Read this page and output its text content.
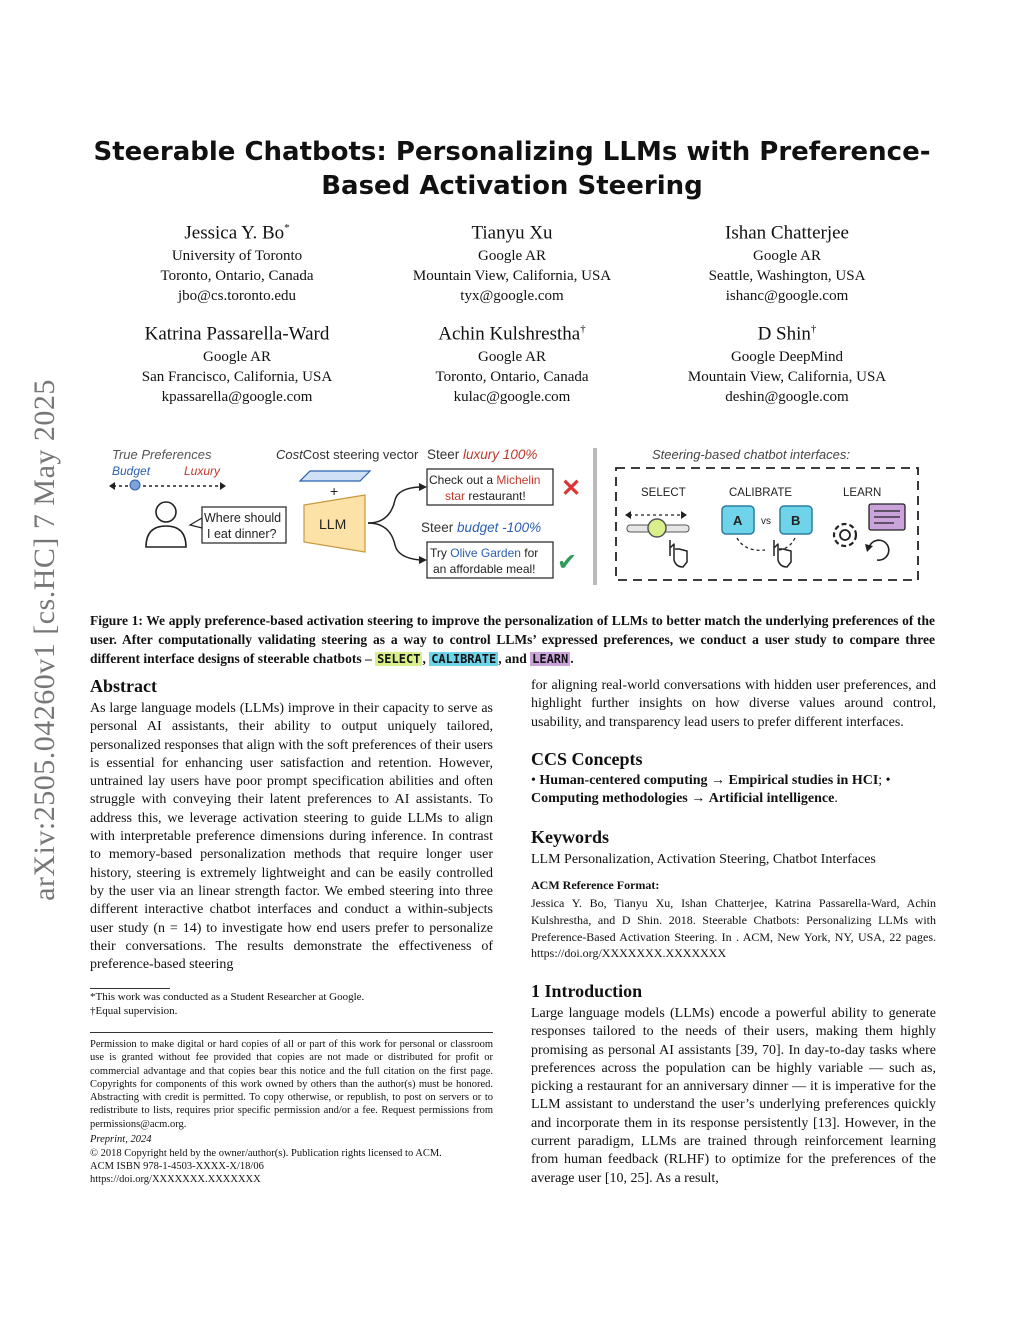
arXiv:2505.04260v1 [cs.HC] 7 May 2025
Steerable Chatbots: Personalizing LLMs with Preference-Based Activation Steering
Jessica Y. Bo*
University of Toronto
Toronto, Ontario, Canada
jbo@cs.toronto.edu
Tianyu Xu
Google AR
Mountain View, California, USA
tyx@google.com
Ishan Chatterjee
Google AR
Seattle, Washington, USA
ishanc@google.com
Katrina Passarella-Ward
Google AR
San Francisco, California, USA
kpassarella@google.com
Achin Kulshrestha†
Google AR
Toronto, Ontario, Canada
kulac@google.com
D Shin†
Google DeepMind
Mountain View, California, USA
deshin@google.com
True Preferences
Budget	Luxury
Where should
I eat dinner?
CostCost steering vector
+
LLM
Steer luxury 100%
Check out a Michelin
star restaurant! ✕
Steer budget -100%
Try Olive Garden for
an affordable meal! ✔
Steering-based chatbot interfaces:
SELECT	CALIBRATE	LEARN
A vs B
Figure 1: We apply preference-based activation steering to improve the personalization of LLMs to better match the underlying preferences of the user. After computationally validating steering as a way to control LLMs’ expressed preferences, we conduct a user study to compare three different interface designs of steerable chatbots – SELECT , CALIBRATE , and LEARN .
Abstract
As large language models (LLMs) improve in their capacity to serve as personal AI assistants, their ability to output uniquely tailored, personalized responses that align with the soft preferences of their users is essential for enhancing user satisfaction and retention. However, untrained lay users have poor prompt specification abilities and often struggle with conveying their latent preferences to AI assistants. To address this, we leverage activation steering to guide LLMs to align with interpretable preference dimensions during inference. In contrast to memory-based personalization methods that require longer user history, steering is extremely lightweight and can be easily controlled by the user via an linear strength factor. We embed steering into three different interactive chatbot interfaces and conduct a within-subjects user study (n = 14) to investigate how end users prefer to personalize their conversations. The results demonstrate the effectiveness of preference-based steering
*This work was conducted as a Student Researcher at Google.
†Equal supervision.
Permission to make digital or hard copies of all or part of this work for personal or classroom use is granted without fee provided that copies are not made or distributed for profit or commercial advantage and that copies bear this notice and the full citation on the first page. Copyrights for components of this work owned by others than the author(s) must be honored. Abstracting with credit is permitted. To copy otherwise, or republish, to post on servers or to redistribute to lists, requires prior specific permission and/or a fee. Request permissions from permissions@acm.org.
Preprint, 2024
© 2018 Copyright held by the owner/author(s). Publication rights licensed to ACM.
ACM ISBN 978-1-4503-XXXX-X/18/06
https://doi.org/XXXXXXX.XXXXXXX
for aligning real-world conversations with hidden user preferences, and highlight further insights on how diverse values around control, usability, and transparency lead users to prefer different interfaces.
CCS Concepts
• Human-centered computing → Empirical studies in HCI; • Computing methodologies → Artificial intelligence.
Keywords
LLM Personalization, Activation Steering, Chatbot Interfaces
ACM Reference Format:
Jessica Y. Bo, Tianyu Xu, Ishan Chatterjee, Katrina Passarella-Ward, Achin Kulshrestha, and D Shin. 2018. Steerable Chatbots: Personalizing LLMs with Preference-Based Activation Steering. In . ACM, New York, NY, USA, 22 pages. https://doi.org/XXXXXXX.XXXXXXX
1 Introduction
Large language models (LLMs) encode a powerful ability to generate responses tailored to the needs of their users, making them highly promising as personal AI assistants [39, 70]. In day-to-day tasks where preferences across the population can be highly variable — such as, picking a restaurant for an anniversary dinner — it is imperative for the LLM assistant to understand the user’s underlying preferences quickly and incorporate them in its response persistently [13]. However, in the current paradigm, LLMs are trained through reinforcement learning from human feedback (RLHF) to optimize for the preferences of the average user [10, 25]. As a result,
